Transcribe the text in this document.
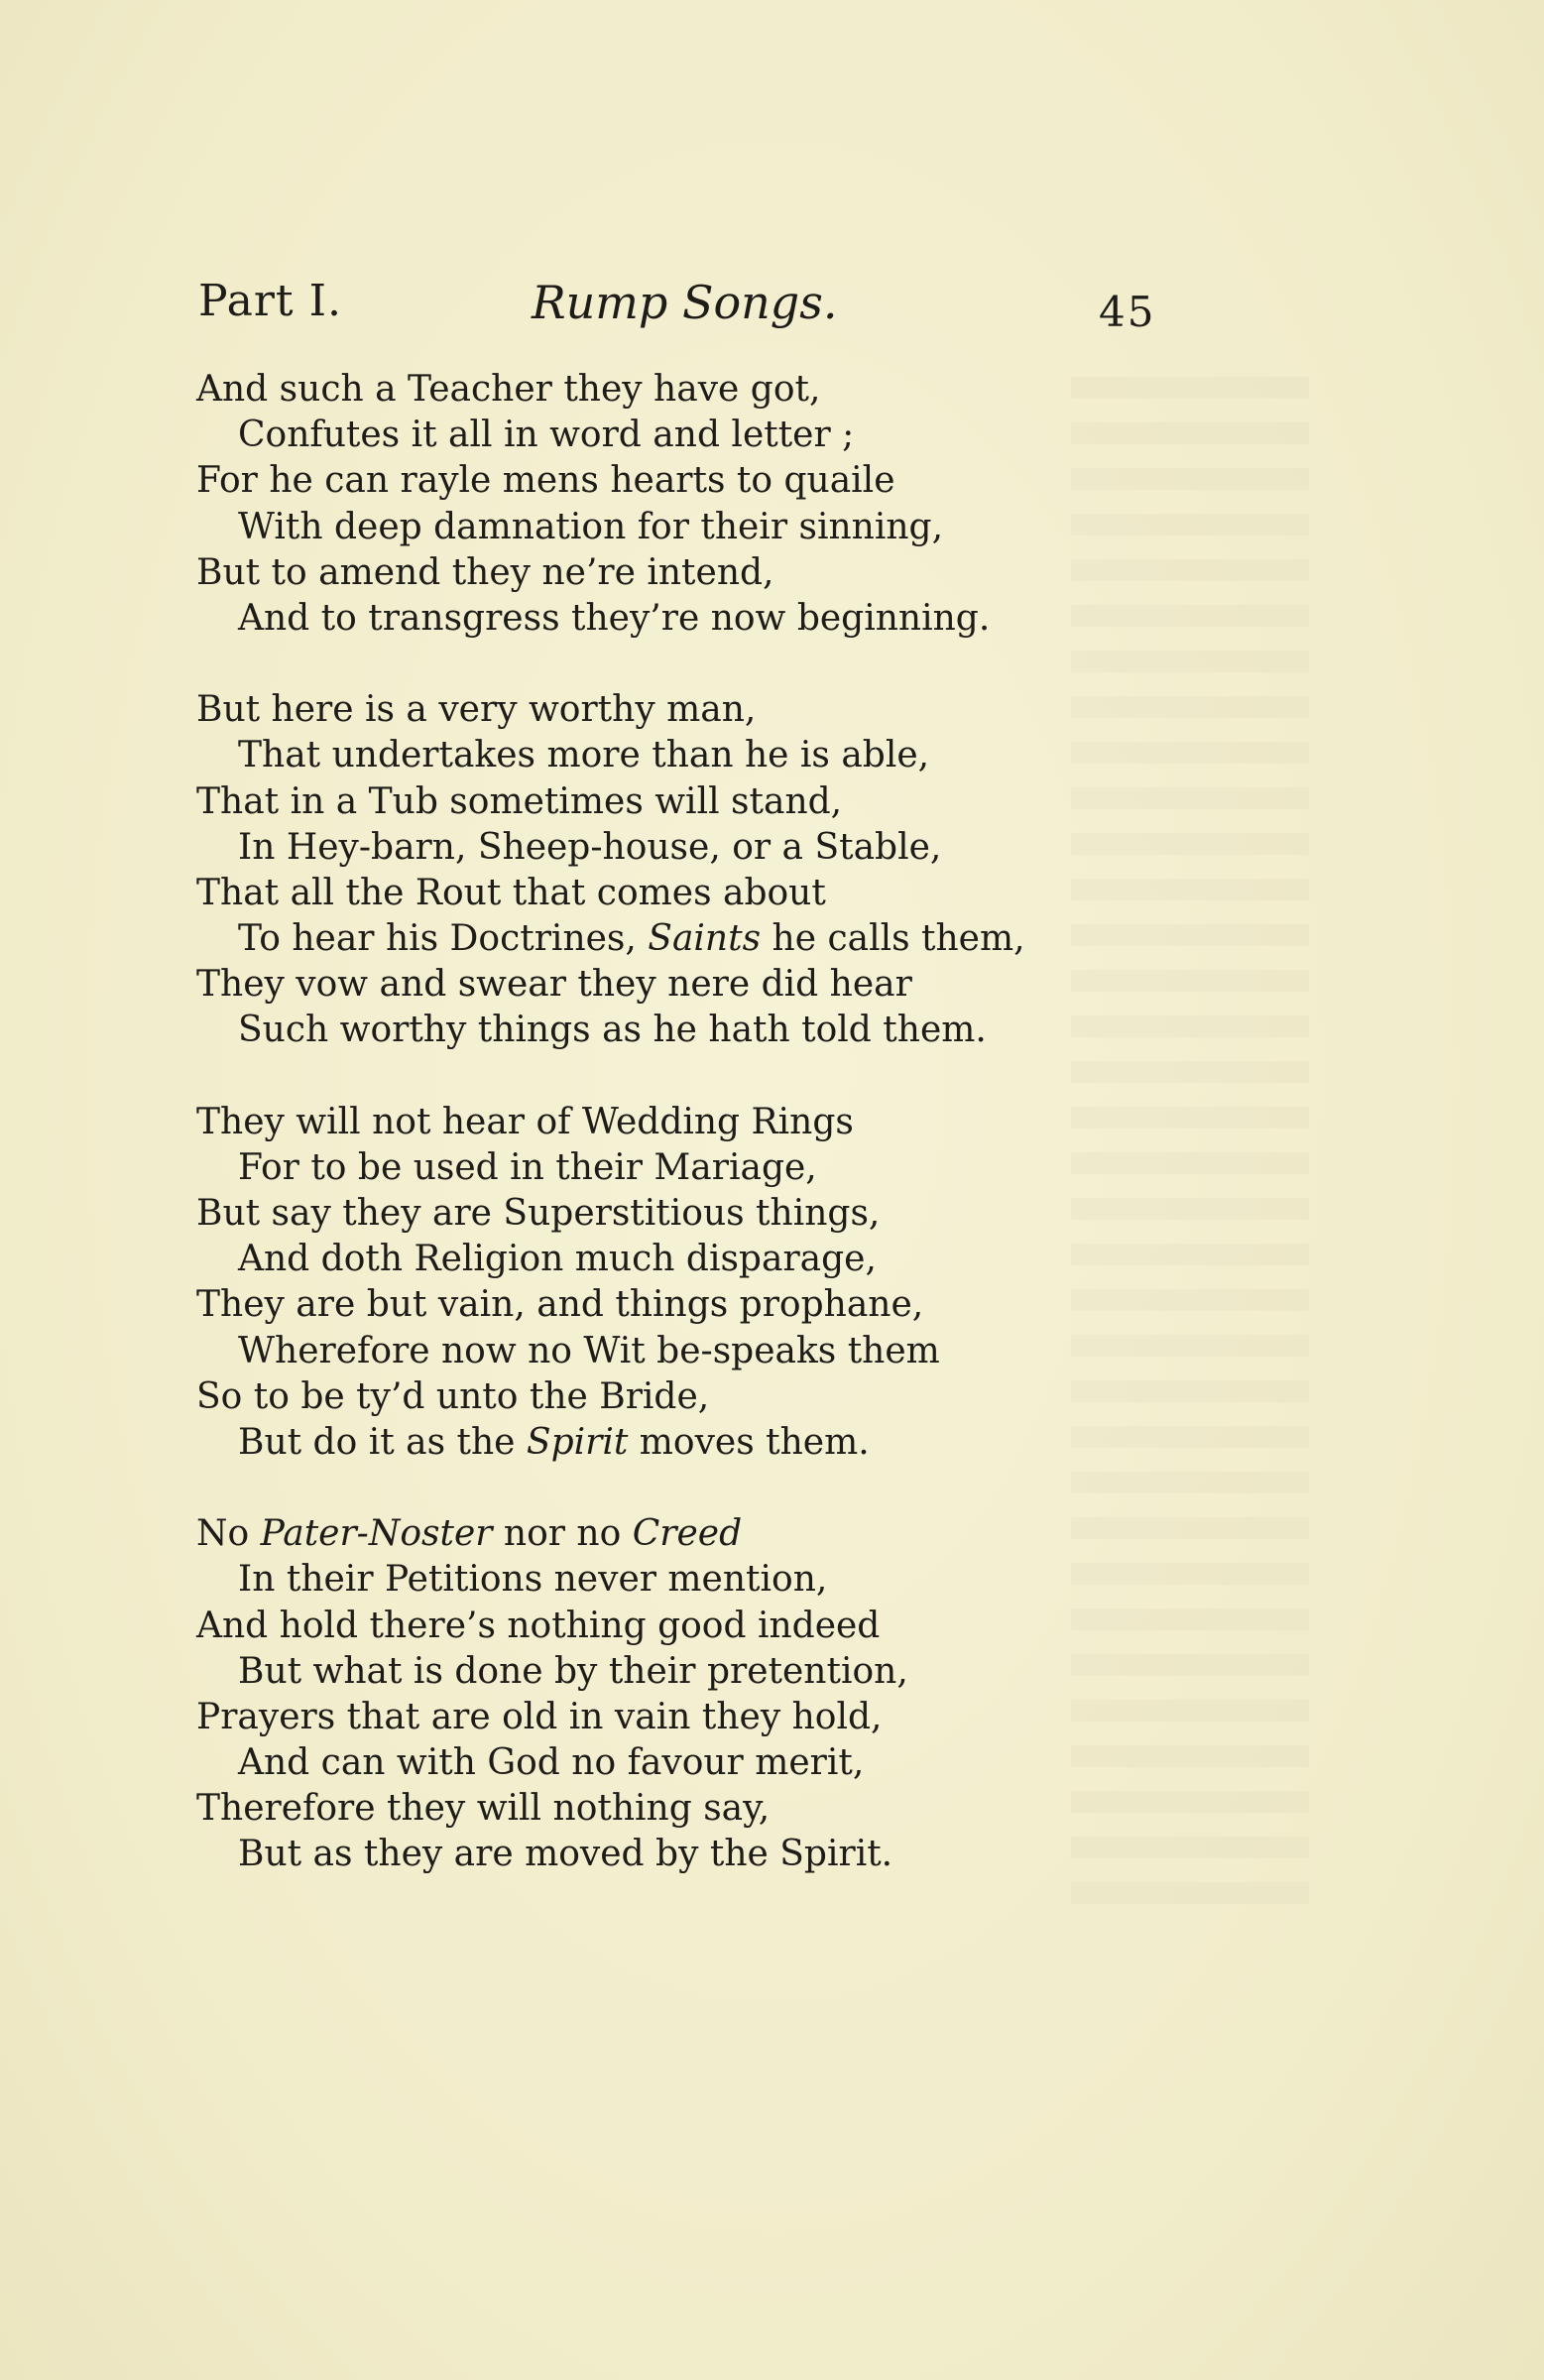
Part I.	Rump Songs.	45
And such a Teacher they have got,
Confutes it all in word and letter ;
For he can rayle mens hearts to quaile
With deep damnation for their sinning,
But to amend they ne’re intend,
And to transgress they’re now beginning.
But here is a very worthy man,
That undertakes more than he is able,
That in a Tub sometimes will stand,
In Hey-barn, Sheep-house, or a Stable,
That all the Rout that comes about
To hear his Doctrines, Saints he calls them,
They vow and swear they nere did hear
Such worthy things as he hath told them.
They will not hear of Wedding Rings
For to be used in their Mariage,
But say they are Superstitious things,
And doth Religion much disparage,
They are but vain, and things prophane,
Wherefore now no Wit be-speaks them
So to be ty’d unto the Bride,
But do it as the Spirit moves them.
No Pater-Noster nor no Creed
In their Petitions never mention,
And hold there’s nothing good indeed
But what is done by their pretention,
Prayers that are old in vain they hold,
And can with God no favour merit,
Therefore they will nothing say,
But as they are moved by the Spirit.
